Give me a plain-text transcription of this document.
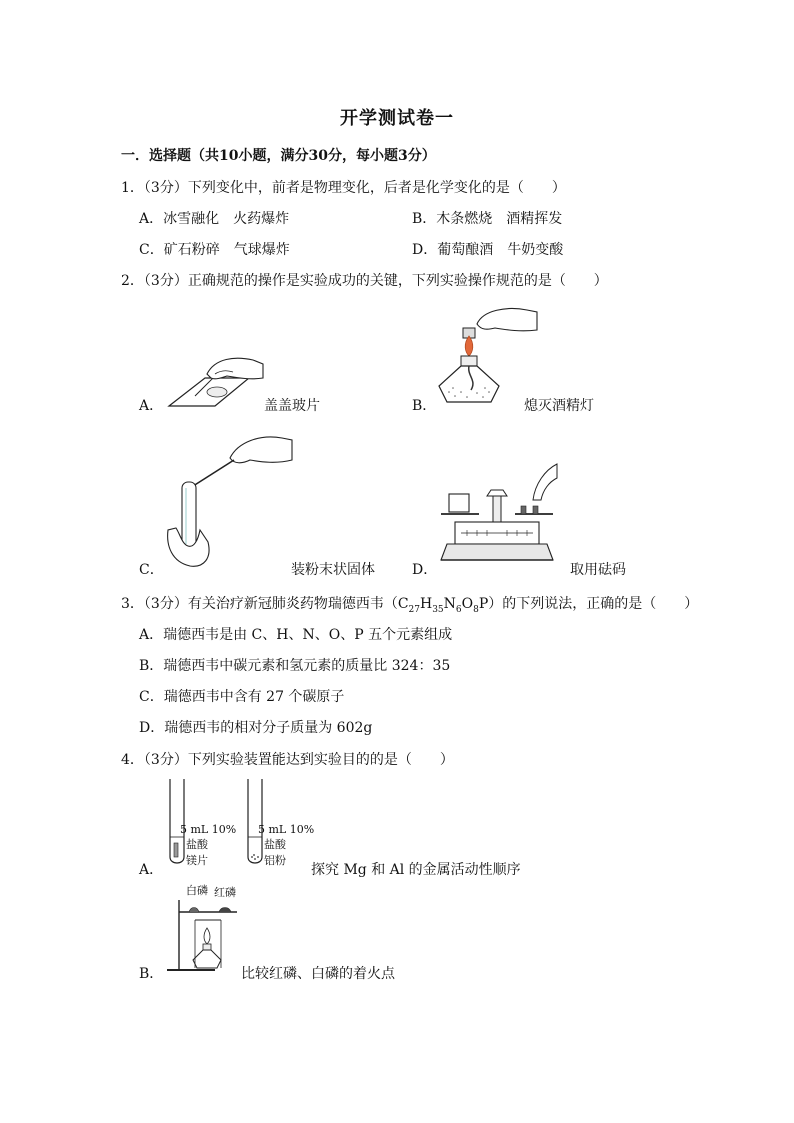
开学测试卷一
一．选择题（共10小题，满分30分，每小题3分）
1．（3分）下列变化中，前者是物理变化，后者是化学变化的是（　　）
A．冰雪融化　火药爆炸	B．木条燃烧　酒精挥发
C．矿石粉碎　气球爆炸	D．葡萄酿酒　牛奶变酸
2．（3分）正确规范的操作是实验成功的关键，下列实验操作规范的是（　　）
A．	盖盖玻片	B．	熄灭酒精灯
C．	装粉末状固体	D．	取用砝码
3．（3分）有关治疗新冠肺炎药物瑞德西韦$(C_{27}H_{35}N_6O_8P)$的下列说法，正确的是（　　）
A．瑞德西韦是由 C、H、N、O、P 五个元素组成
B．瑞德西韦中碳元素和氢元素的质量比 324：35
C．瑞德西韦中含有 27 个碳原子
D．瑞德西韦的相对分子质量为 602g
4．（3分）下列实验装置能达到实验目的的是（　　）
5 mL 10%
盐酸
镁片
5 mL 10%
盐酸
铝粉
A．	探究 Mg 和 Al 的金属活动性顺序
白磷 红磷
B．	比较红磷、白磷的着火点
